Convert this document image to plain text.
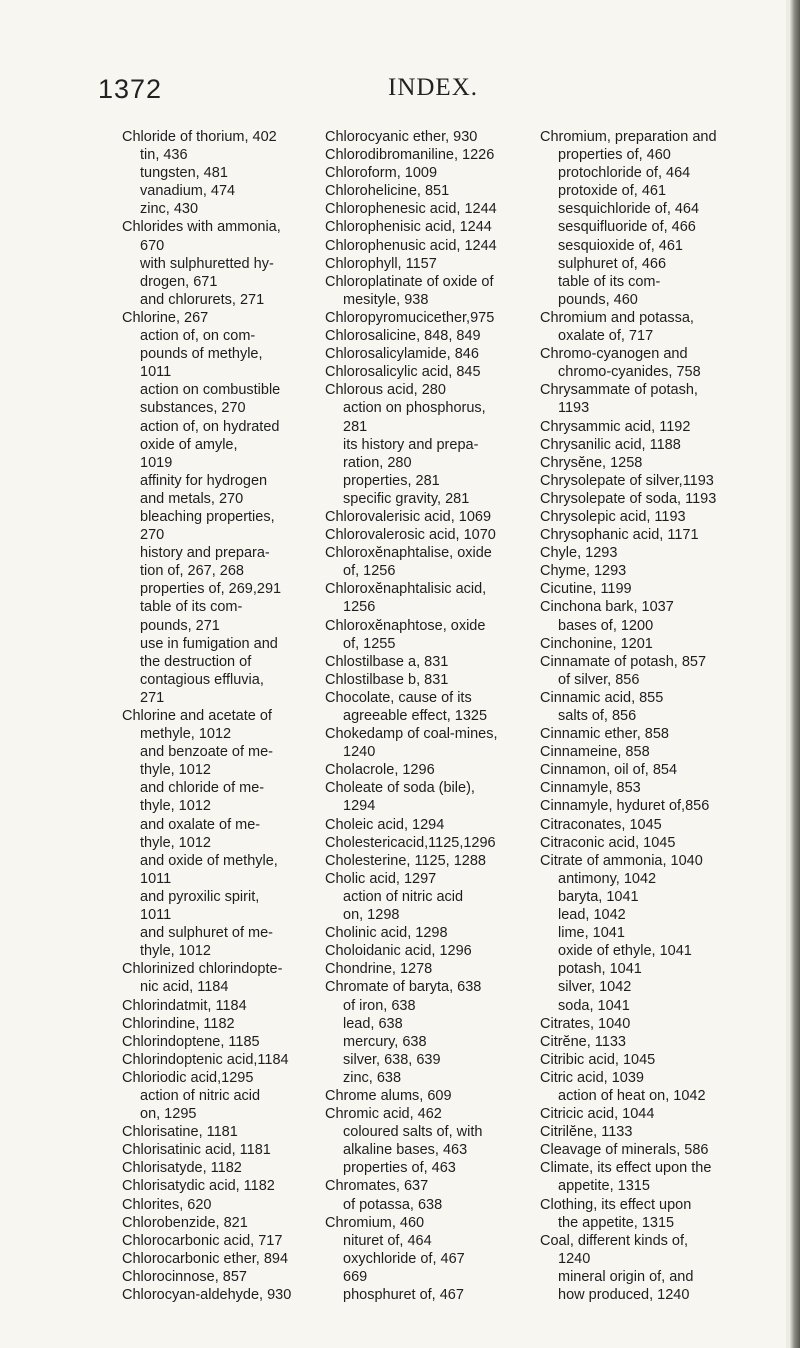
1372	INDEX.
Chloride of thorium, 402
tin, 436
tungsten, 481
vanadium, 474
zinc, 430
Chlorides with ammonia,
670
with sulphuretted hy-
drogen, 671
and chlorurets, 271
Chlorine, 267
action of, on com-
pounds of methyle,
1011
action on combustible
substances, 270
action of, on hydrated
oxide of amyle,
1019
affinity for hydrogen
and metals, 270
bleaching properties,
270
history and prepara-
tion of, 267, 268
properties of, 269,291
table of its com-
pounds, 271
use in fumigation and
the destruction of
contagious effluvia,
271
Chlorine and acetate of
methyle, 1012
and benzoate of me-
thyle, 1012
and chloride of me-
thyle, 1012
and oxalate of me-
thyle, 1012
and oxide of methyle,
1011
and pyroxilic spirit,
1011
and sulphuret of me-
thyle, 1012
Chlorinized chlorindopte-
nic acid, 1184
Chlorindatmit, 1184
Chlorindine, 1182
Chlorindoptene, 1185
Chlorindoptenic acid,1184
Chloriodic acid,1295
action of nitric acid
on, 1295
Chlorisatine, 1181
Chlorisatinic acid, 1181
Chlorisatyde, 1182
Chlorisatydic acid, 1182
Chlorites, 620
Chlorobenzide, 821
Chlorocarbonic acid, 717
Chlorocarbonic ether, 894
Chlorocinnose, 857
Chlorocyan-aldehyde, 930
Chlorocyanic ether, 930
Chlorodibromaniline, 1226
Chloroform, 1009
Chlorohelicine, 851
Chlorophenesic acid, 1244
Chlorophenisic acid, 1244
Chlorophenusic acid, 1244
Chlorophyll, 1157
Chloroplatinate of oxide of
mesityle, 938
Chloropyromucicether,975
Chlorosalicine, 848, 849
Chlorosalicylamide, 846
Chlorosalicylic acid, 845
Chlorous acid, 280
action on phosphorus,
281
its history and prepa-
ration, 280
properties, 281
specific gravity, 281
Chlorovalerisic acid, 1069
Chlorovalerosic acid, 1070
Chloroxĕnaphtalise, oxide
of, 1256
Chloroxĕnaphtalisic acid,
1256
Chloroxĕnaphtose, oxide
of, 1255
Chlostilbase a, 831
Chlostilbase b, 831
Chocolate, cause of its
agreeable effect, 1325
Chokedamp of coal-mines,
1240
Cholacrole, 1296
Choleate of soda (bile),
1294
Choleic acid, 1294
Cholestericacid,1125,1296
Cholesterine, 1125, 1288
Cholic acid, 1297
action of nitric acid
on, 1298
Cholinic acid, 1298
Choloidanic acid, 1296
Chondrine, 1278
Chromate of baryta, 638
of iron, 638
lead, 638
mercury, 638
silver, 638, 639
zinc, 638
Chrome alums, 609
Chromic acid, 462
coloured salts of, with
alkaline bases, 463
properties of, 463
Chromates, 637
of potassa, 638
Chromium, 460
nituret of, 464
oxychloride of, 467
669
phosphuret of, 467
Chromium, preparation and
properties of, 460
protochloride of, 464
protoxide of, 461
sesquichloride of, 464
sesquifluoride of, 466
sesquioxide of, 461
sulphuret of, 466
table of its com-
pounds, 460
Chromium and potassa,
oxalate of, 717
Chromo-cyanogen and
chromo-cyanides, 758
Chrysammate of potash,
1193
Chrysammic acid, 1192
Chrysanilic acid, 1188
Chrysĕne, 1258
Chrysolepate of silver,1193
Chrysolepate of soda, 1193
Chrysolepic acid, 1193
Chrysophanic acid, 1171
Chyle, 1293
Chyme, 1293
Cicutine, 1199
Cinchona bark, 1037
bases of, 1200
Cinchonine, 1201
Cinnamate of potash, 857
of silver, 856
Cinnamic acid, 855
salts of, 856
Cinnamic ether, 858
Cinnameine, 858
Cinnamon, oil of, 854
Cinnamyle, 853
Cinnamyle, hyduret of,856
Citraconates, 1045
Citraconic acid, 1045
Citrate of ammonia, 1040
antimony, 1042
baryta, 1041
lead, 1042
lime, 1041
oxide of ethyle, 1041
potash, 1041
silver, 1042
soda, 1041
Citrates, 1040
Citrĕne, 1133
Citribic acid, 1045
Citric acid, 1039
action of heat on, 1042
Citricic acid, 1044
Citrilĕne, 1133
Cleavage of minerals, 586
Climate, its effect upon the
appetite, 1315
Clothing, its effect upon
the appetite, 1315
Coal, different kinds of,
1240
mineral origin of, and
how produced, 1240
